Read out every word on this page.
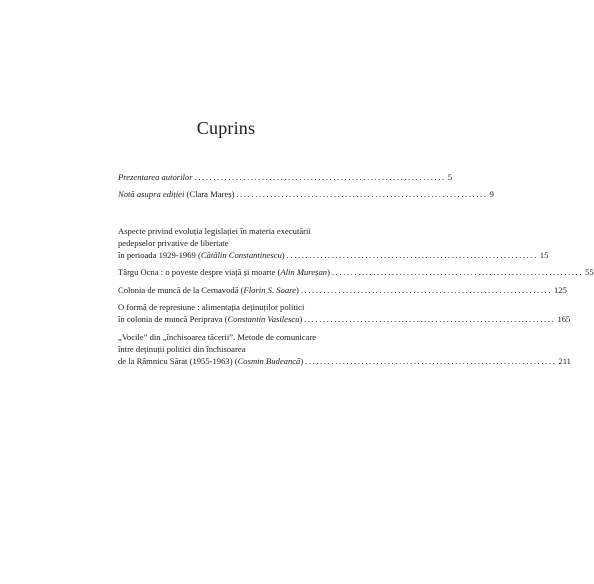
Cuprins
Prezentarea autorilor ................................................................... 5
Notă asupra ediției (Clara Mareș) ................................................................... 9
Aspecte privind evoluția legislației în materia executării
pedepselor privative de libertate
în perioada 1929-1969 (Cătălin Constantinescu) ................................................................... 15
Târgu Ocna : o poveste despre viață și moarte (Alin Mureșan) ................................................................... 55
Colonia de muncă de la Cernavodă (Florin S. Soare) ................................................................... 125
O formă de represiune : alimentația deținuților politici
în colonia de muncă Periprava (Constantin Vasilescu) ................................................................... 165
„Vocile” din „închisoarea tăcerii”. Metode de comunicare
între deținuții politici din închisoarea
de la Râmnicu Sărat (1955-1963) (Cosmin Budeancă) ................................................................... 211
